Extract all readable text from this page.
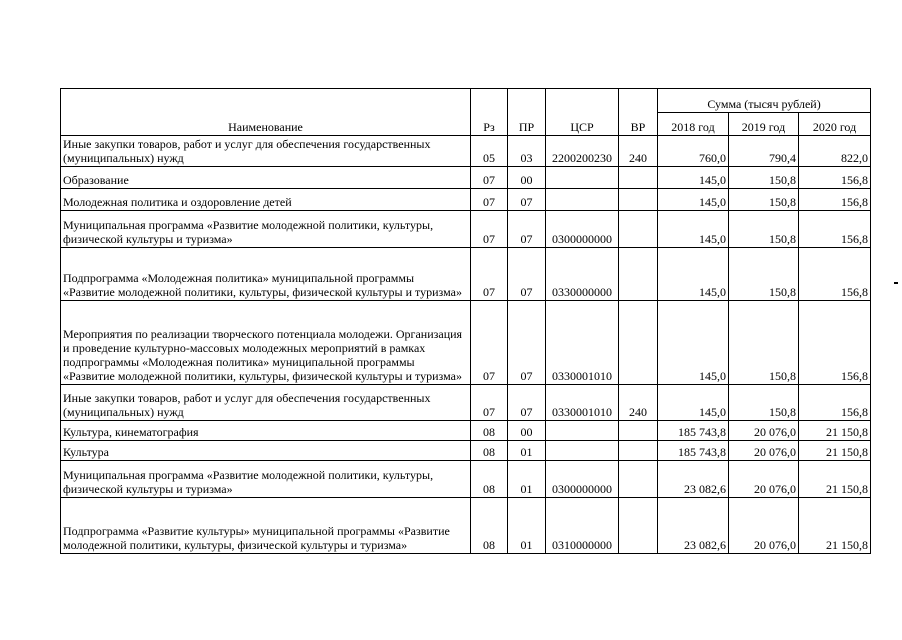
Наименование	Рз	ПР	ЦСР	ВР	Сумма (тысяч рублей)		
					2018 год	2019 год	2020 год
Иные закупки товаров, работ и услуг для обеспечения государственных (муниципальных) нужд	05	03	2200200230	240	760,0	790,4	822,0
Образование	07	00			145,0	150,8	156,8
Молодежная политика и оздоровление детей	07	07			145,0	150,8	156,8
Муниципальная программа «Развитие молодежной политики, культуры, физической культуры и туризма»	07	07	0300000000		145,0	150,8	156,8
Подпрограмма «Молодежная политика» муниципальной программы «Развитие молодежной политики, культуры, физической культуры и туризма»	07	07	0330000000		145,0	150,8	156,8
Мероприятия по реализации творческого потенциала молодежи. Организация и проведение культурно-массовых молодежных мероприятий в рамках подпрограммы «Молодежная политика» муниципальной программы «Развитие молодежной политики, культуры, физической культуры и туризма»	07	07	0330001010		145,0	150,8	156,8
Иные закупки товаров, работ и услуг для обеспечения государственных (муниципальных) нужд	07	07	0330001010	240	145,0	150,8	156,8
Культура, кинематография	08	00			185 743,8	20 076,0	21 150,8
Культура	08	01			185 743,8	20 076,0	21 150,8
Муниципальная программа «Развитие молодежной политики, культуры, физической культуры и туризма»	08	01	0300000000		23 082,6	20 076,0	21 150,8
Подпрограмма «Развитие культуры» муниципальной программы «Развитие молодежной политики, культуры, физической культуры и туризма»	08	01	0310000000		23 082,6	20 076,0	21 150,8
